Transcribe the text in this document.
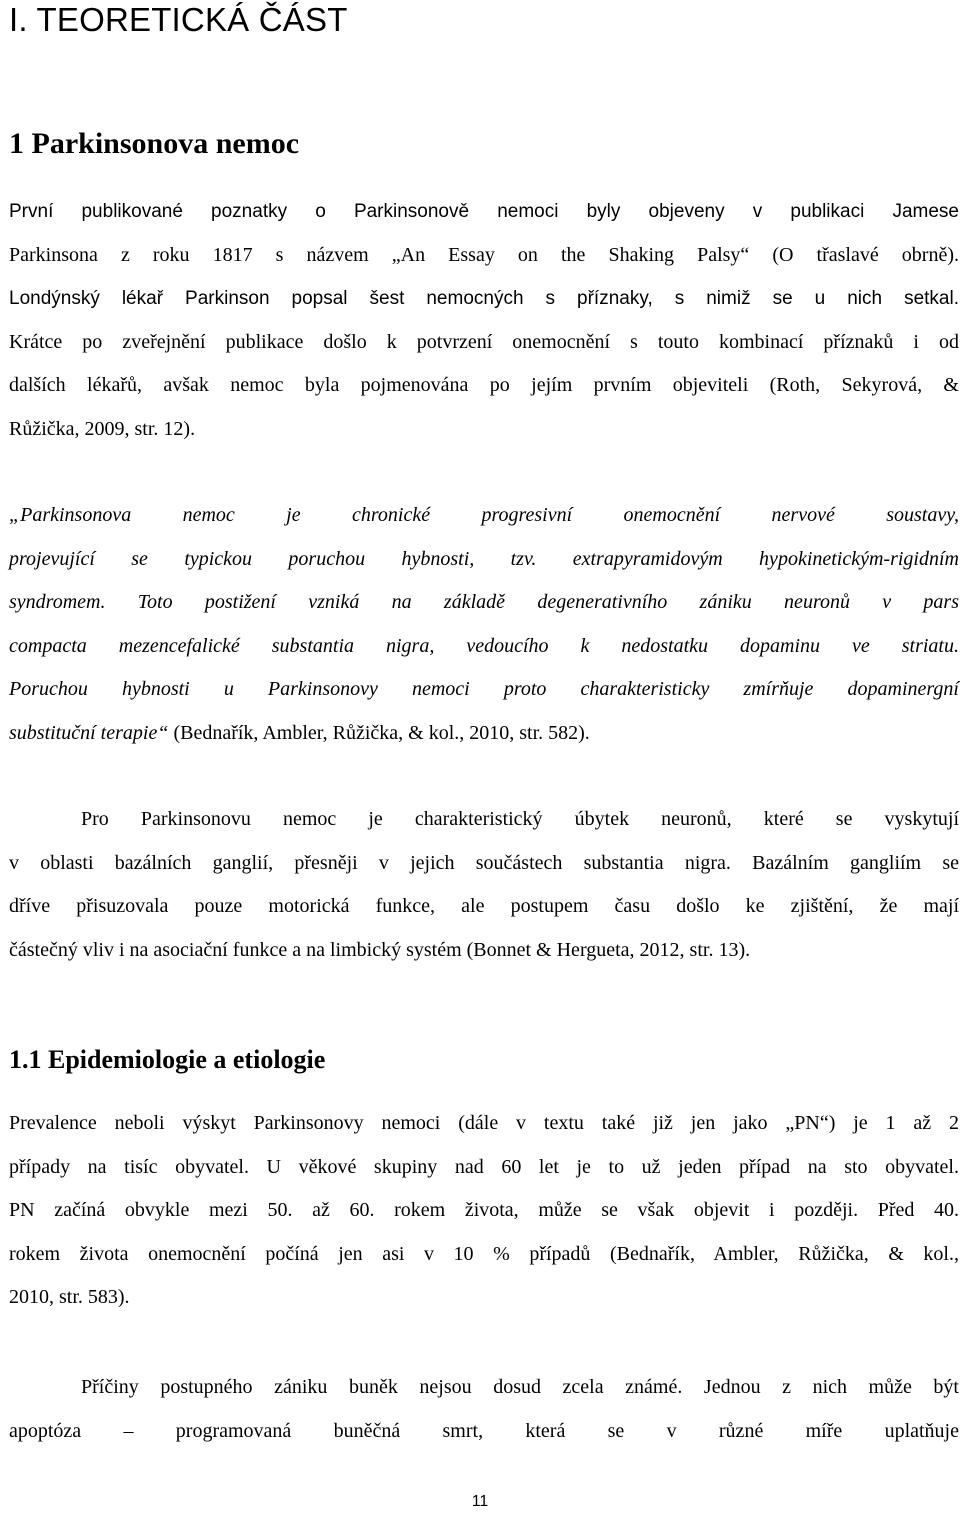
I. TEORETICKÁ ČÁST
1 Parkinsonova nemoc
První publikované poznatky o Parkinsonově nemoci byly objeveny v publikaci Jamese
Parkinsona z roku 1817 s názvem „An Essay on the Shaking Palsy“ (O třaslavé obrně).
Londýnský lékař Parkinson popsal šest nemocných s příznaky, s nimiž se u nich setkal.
Krátce po zveřejnění publikace došlo k potvrzení onemocnění s touto kombinací příznaků i od
dalších lékařů, avšak nemoc byla pojmenována po jejím prvním objeviteli (Roth, Sekyrová, &
Růžička, 2009, str. 12).
„Parkinsonova nemoc je chronické progresivní onemocnění nervové soustavy,
projevující se typickou poruchou hybnosti, tzv. extrapyramidovým hypokinetickým-rigidním
syndromem. Toto postižení vzniká na základě degenerativního zániku neuronů v pars
compacta mezencefalické substantia nigra, vedoucího k nedostatku dopaminu ve striatu.
Poruchou hybnosti u Parkinsonovy nemoci proto charakteristicky zmírňuje dopaminergní
substituční terapie“ (Bednařík, Ambler, Růžička, & kol., 2010, str. 582).
Pro Parkinsonovu nemoc je charakteristický úbytek neuronů, které se vyskytují
v oblasti bazálních ganglií, přesněji v jejich součástech substantia nigra. Bazálním gangliím se
dříve přisuzovala pouze motorická funkce, ale postupem času došlo ke zjištění, že mají
částečný vliv i na asociační funkce a na limbický systém (Bonnet & Hergueta, 2012, str. 13).
1.1 Epidemiologie a etiologie
Prevalence neboli výskyt Parkinsonovy nemoci (dále v textu také již jen jako „PN“) je 1 až 2
případy na tisíc obyvatel. U věkové skupiny nad 60 let je to už jeden případ na sto obyvatel.
PN začíná obvykle mezi 50. až 60. rokem života, může se však objevit i později. Před 40.
rokem života onemocnění počíná jen asi v 10 % případů (Bednařík, Ambler, Růžička, & kol.,
2010, str. 583).
Příčiny postupného zániku buněk nejsou dosud zcela známé. Jednou z nich může být
apoptóza – programovaná buněčná smrt, která se v různé míře uplatňuje
11
